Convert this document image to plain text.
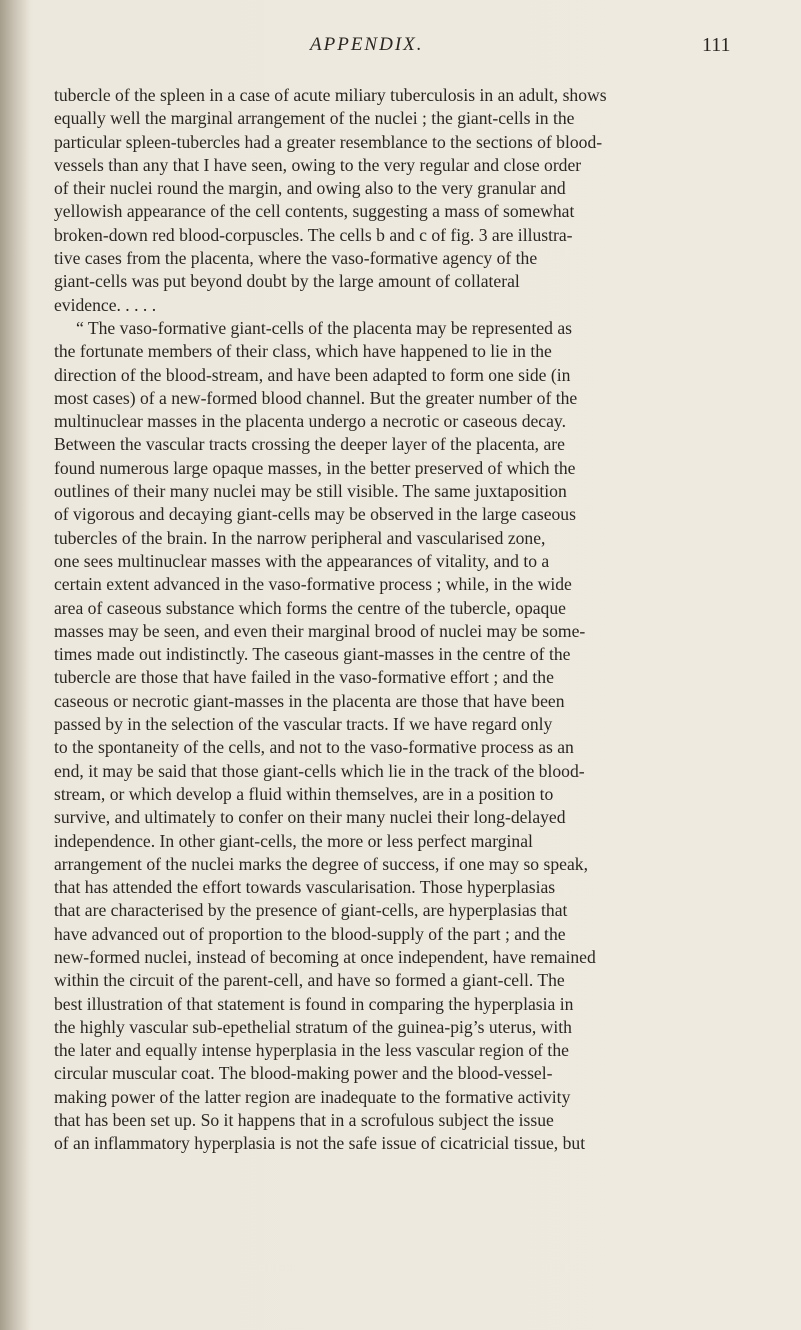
APPENDIX.	111
tubercle of the spleen in a case of acute miliary tuberculosis in an adult, shows
equally well the marginal arrangement of the nuclei ; the giant-cells in the
particular spleen-tubercles had a greater resemblance to the sections of blood-
vessels than any that I have seen, owing to the very regular and close order
of their nuclei round the margin, and owing also to the very granular and
yellowish appearance of the cell contents, suggesting a mass of somewhat
broken-down red blood-corpuscles. The cells b and c of fig. 3 are illustra-
tive cases from the placenta, where the vaso-formative agency of the
giant-cells was put beyond doubt by the large amount of collateral
evidence. . . . .
“ The vaso-formative giant-cells of the placenta may be represented as
the fortunate members of their class, which have happened to lie in the
direction of the blood-stream, and have been adapted to form one side (in
most cases) of a new-formed blood channel. But the greater number of the
multinuclear masses in the placenta undergo a necrotic or caseous decay.
Between the vascular tracts crossing the deeper layer of the placenta, are
found numerous large opaque masses, in the better preserved of which the
outlines of their many nuclei may be still visible. The same juxtaposition
of vigorous and decaying giant-cells may be observed in the large caseous
tubercles of the brain. In the narrow peripheral and vascularised zone,
one sees multinuclear masses with the appearances of vitality, and to a
certain extent advanced in the vaso-formative process ; while, in the wide
area of caseous substance which forms the centre of the tubercle, opaque
masses may be seen, and even their marginal brood of nuclei may be some-
times made out indistinctly. The caseous giant-masses in the centre of the
tubercle are those that have failed in the vaso-formative effort ; and the
caseous or necrotic giant-masses in the placenta are those that have been
passed by in the selection of the vascular tracts. If we have regard only
to the spontaneity of the cells, and not to the vaso-formative process as an
end, it may be said that those giant-cells which lie in the track of the blood-
stream, or which develop a fluid within themselves, are in a position to
survive, and ultimately to confer on their many nuclei their long-delayed
independence. In other giant-cells, the more or less perfect marginal
arrangement of the nuclei marks the degree of success, if one may so speak,
that has attended the effort towards vascularisation. Those hyperplasias
that are characterised by the presence of giant-cells, are hyperplasias that
have advanced out of proportion to the blood-supply of the part ; and the
new-formed nuclei, instead of becoming at once independent, have remained
within the circuit of the parent-cell, and have so formed a giant-cell. The
best illustration of that statement is found in comparing the hyperplasia in
the highly vascular sub-epethelial stratum of the guinea-pig’s uterus, with
the later and equally intense hyperplasia in the less vascular region of the
circular muscular coat. The blood-making power and the blood-vessel-
making power of the latter region are inadequate to the formative activity
that has been set up. So it happens that in a scrofulous subject the issue
of an inflammatory hyperplasia is not the safe issue of cicatricial tissue, but
